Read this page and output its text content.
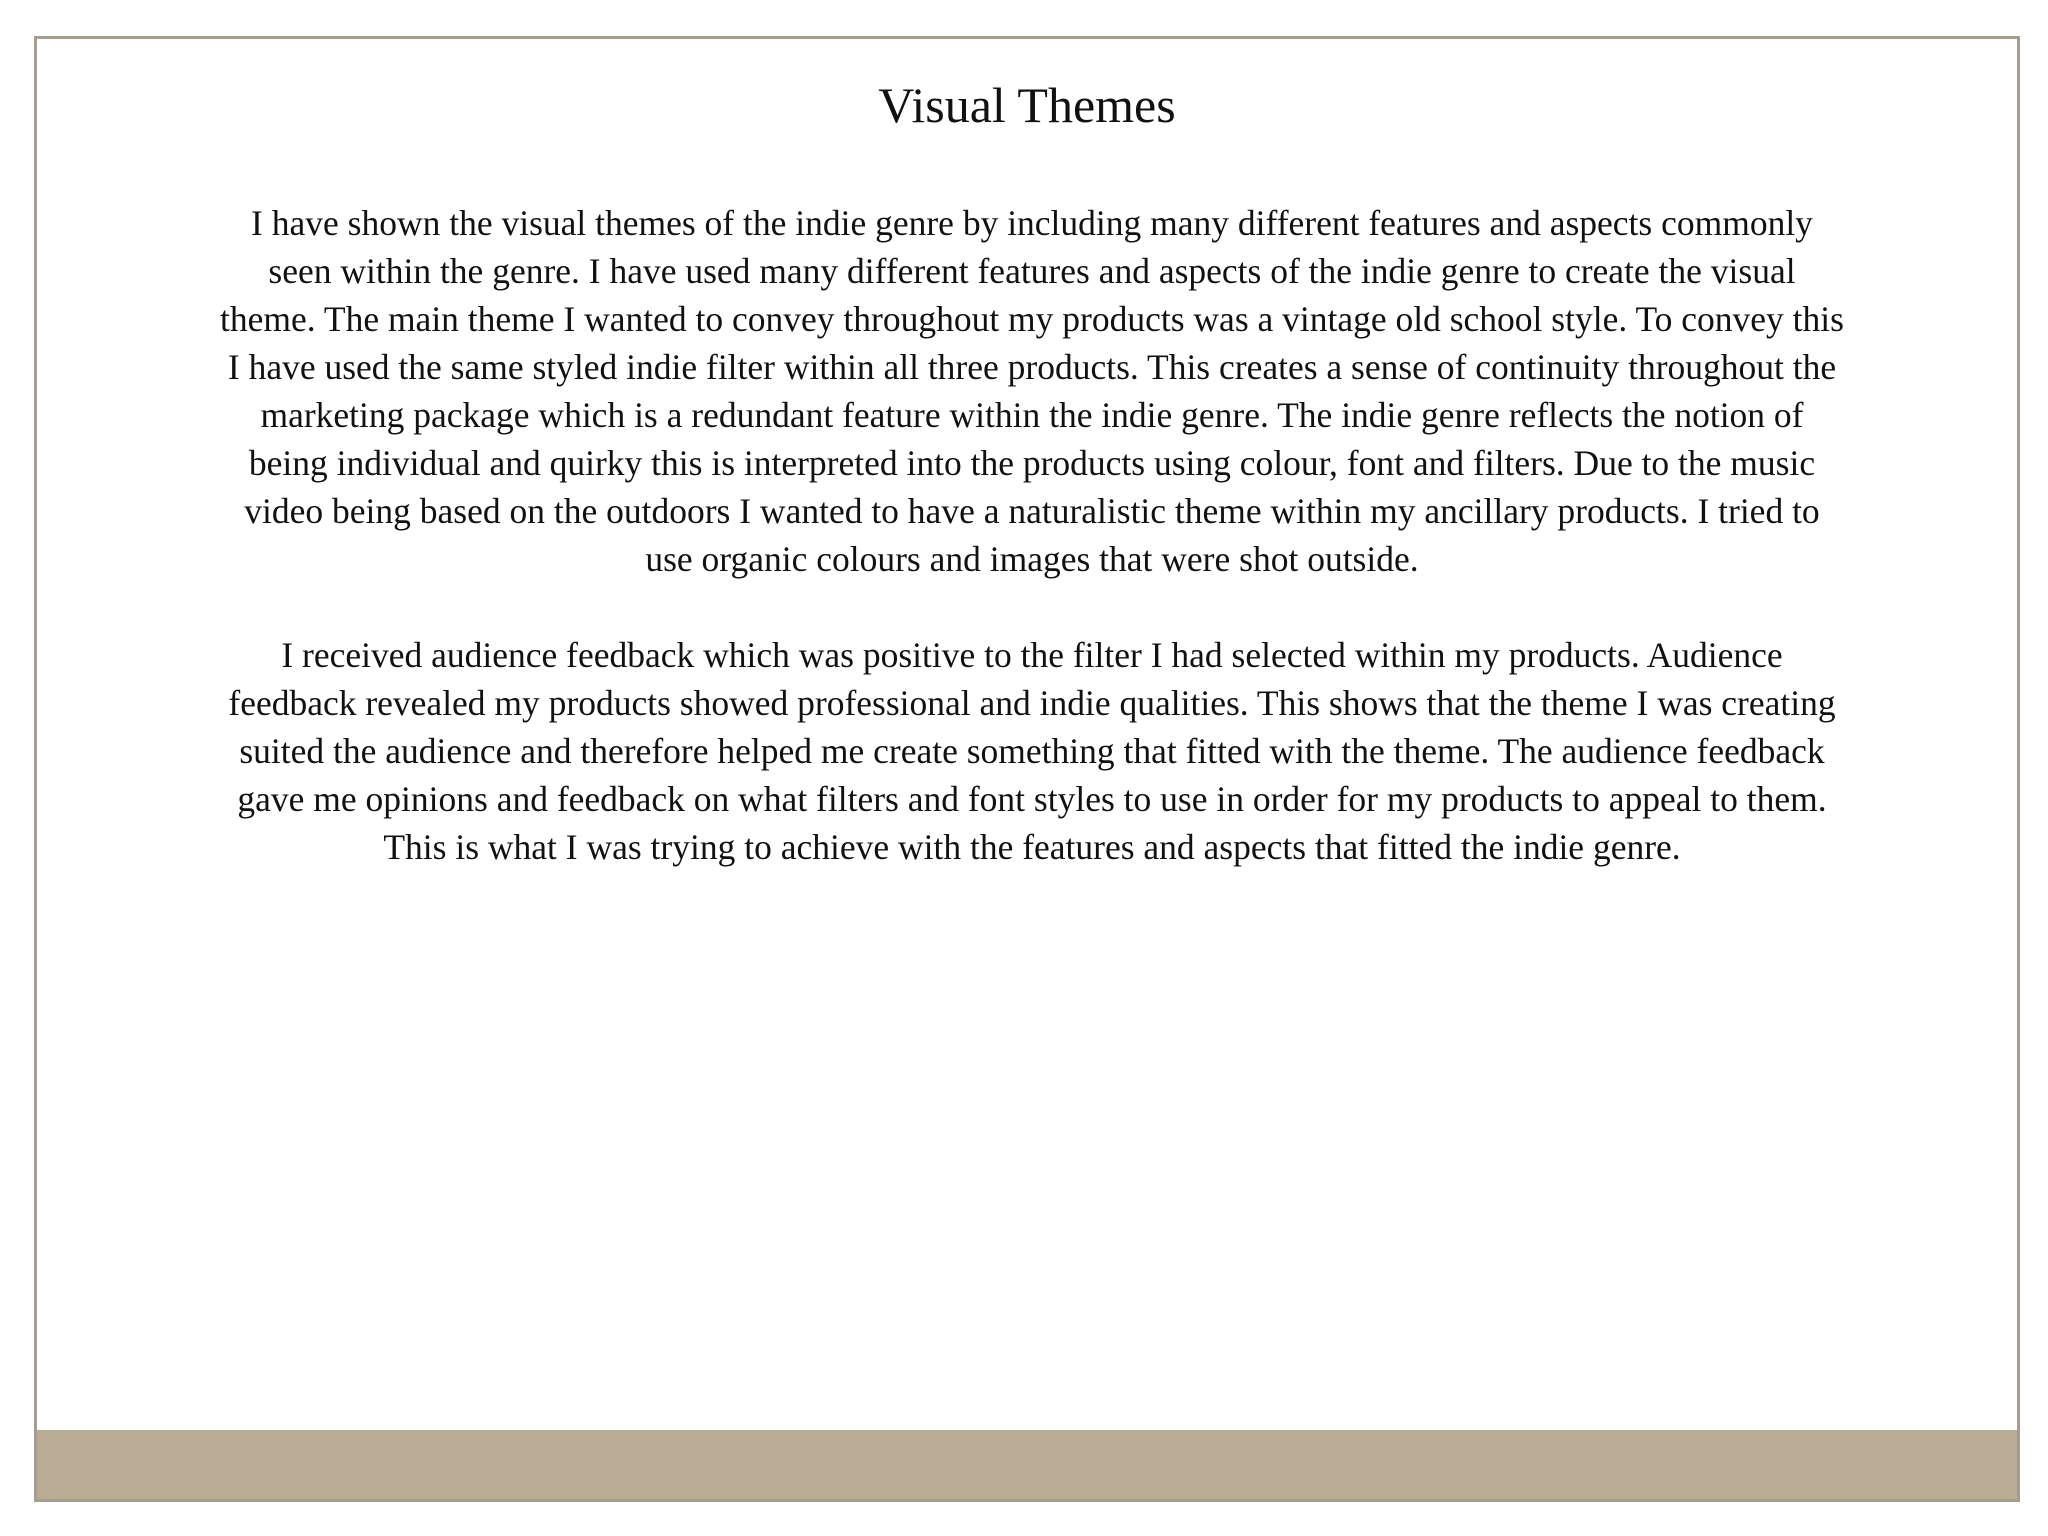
Visual Themes

I have shown the visual themes of the indie genre by including many different features and aspects commonly seen within the genre. I have used many different features and aspects of the indie genre to create the visual theme. The main theme I wanted to convey throughout my products was a vintage old school style. To convey this I have used the same styled indie filter within all three products. This creates a sense of continuity throughout the marketing package which is a redundant feature within the indie genre. The indie genre reflects the notion of being individual and quirky this is interpreted into the products using colour, font and filters. Due to the music video being based on the outdoors I wanted to have a naturalistic theme within my ancillary products. I tried to use organic colours and images that were shot outside.

I received audience feedback which was positive to the filter I had selected within my products. Audience feedback revealed my products showed professional and indie qualities. This shows that the theme I was creating suited the audience and therefore helped me create something that fitted with the theme. The audience feedback gave me opinions and feedback on what filters and font styles to use in order for my products to appeal to them. This is what I was trying to achieve with the features and aspects that fitted the indie genre.
